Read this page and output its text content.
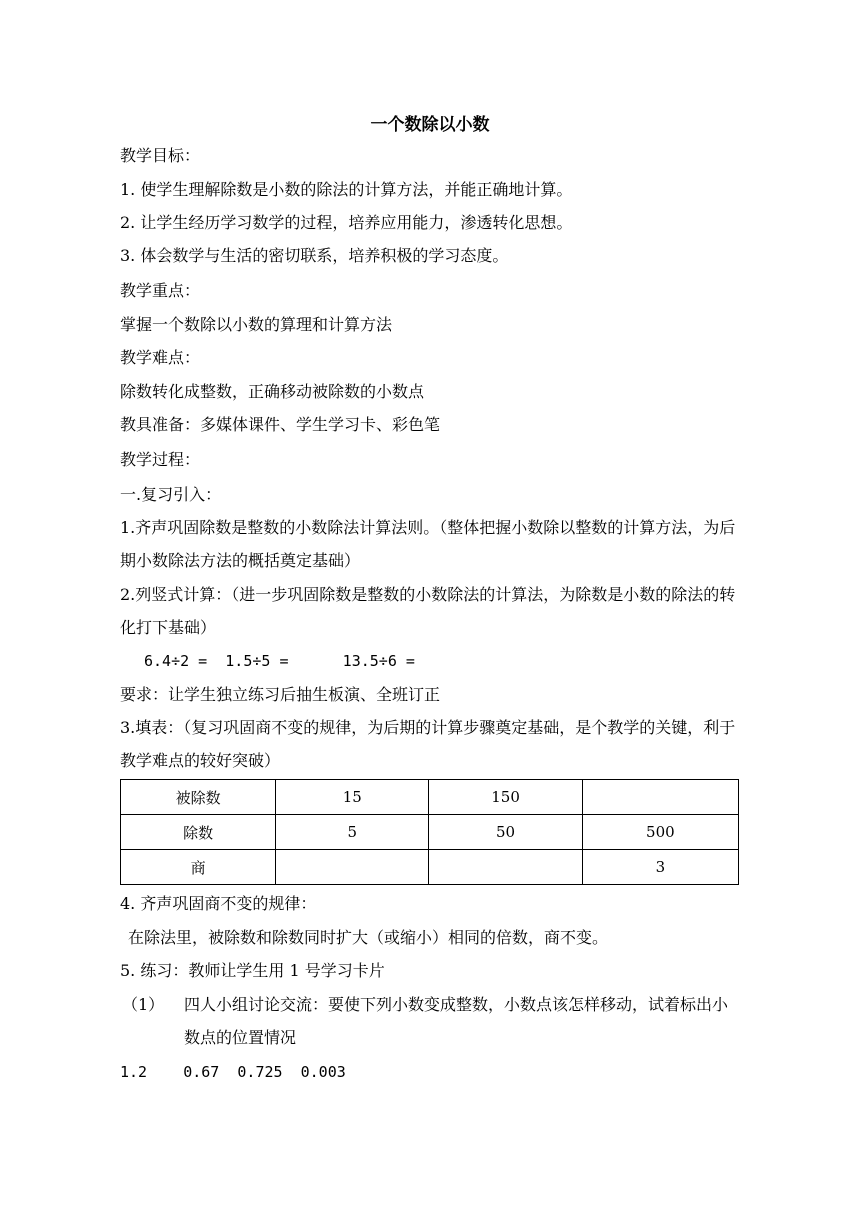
一个数除以小数
教学目标：
1. 使学生理解除数是小数的除法的计算方法，并能正确地计算。
2. 让学生经历学习数学的过程，培养应用能力，渗透转化思想。
3. 体会数学与生活的密切联系，培养积极的学习态度。
教学重点：
掌握一个数除以小数的算理和计算方法
教学难点：
除数转化成整数，正确移动被除数的小数点
教具准备：多媒体课件、学生学习卡、彩色笔
教学过程：
一.复习引入：
1.齐声巩固除数是整数的小数除法计算法则。（整体把握小数除以整数的计算方法，为后期小数除法方法的概括奠定基础）
2.列竖式计算：（进一步巩固除数是整数的小数除法的计算法，为除数是小数的除法的转化打下基础）
6.4÷2 =  1.5÷5 =      13.5÷6 =
要求：让学生独立练习后抽生板演、全班订正
3.填表：（复习巩固商不变的规律，为后期的计算步骤奠定基础，是个教学的关键，利于教学难点的较好突破）
被除数	15	150	
除数	5	50	500
商			3
4. 齐声巩固商不变的规律：
在除法里，被除数和除数同时扩大（或缩小）相同的倍数，商不变。
5. 练习：教师让学生用 1 号学习卡片
（1）	四人小组讨论交流：要使下列小数变成整数，小数点该怎样移动，试着标出小数点的位置情况
1.2    0.67  0.725  0.003
